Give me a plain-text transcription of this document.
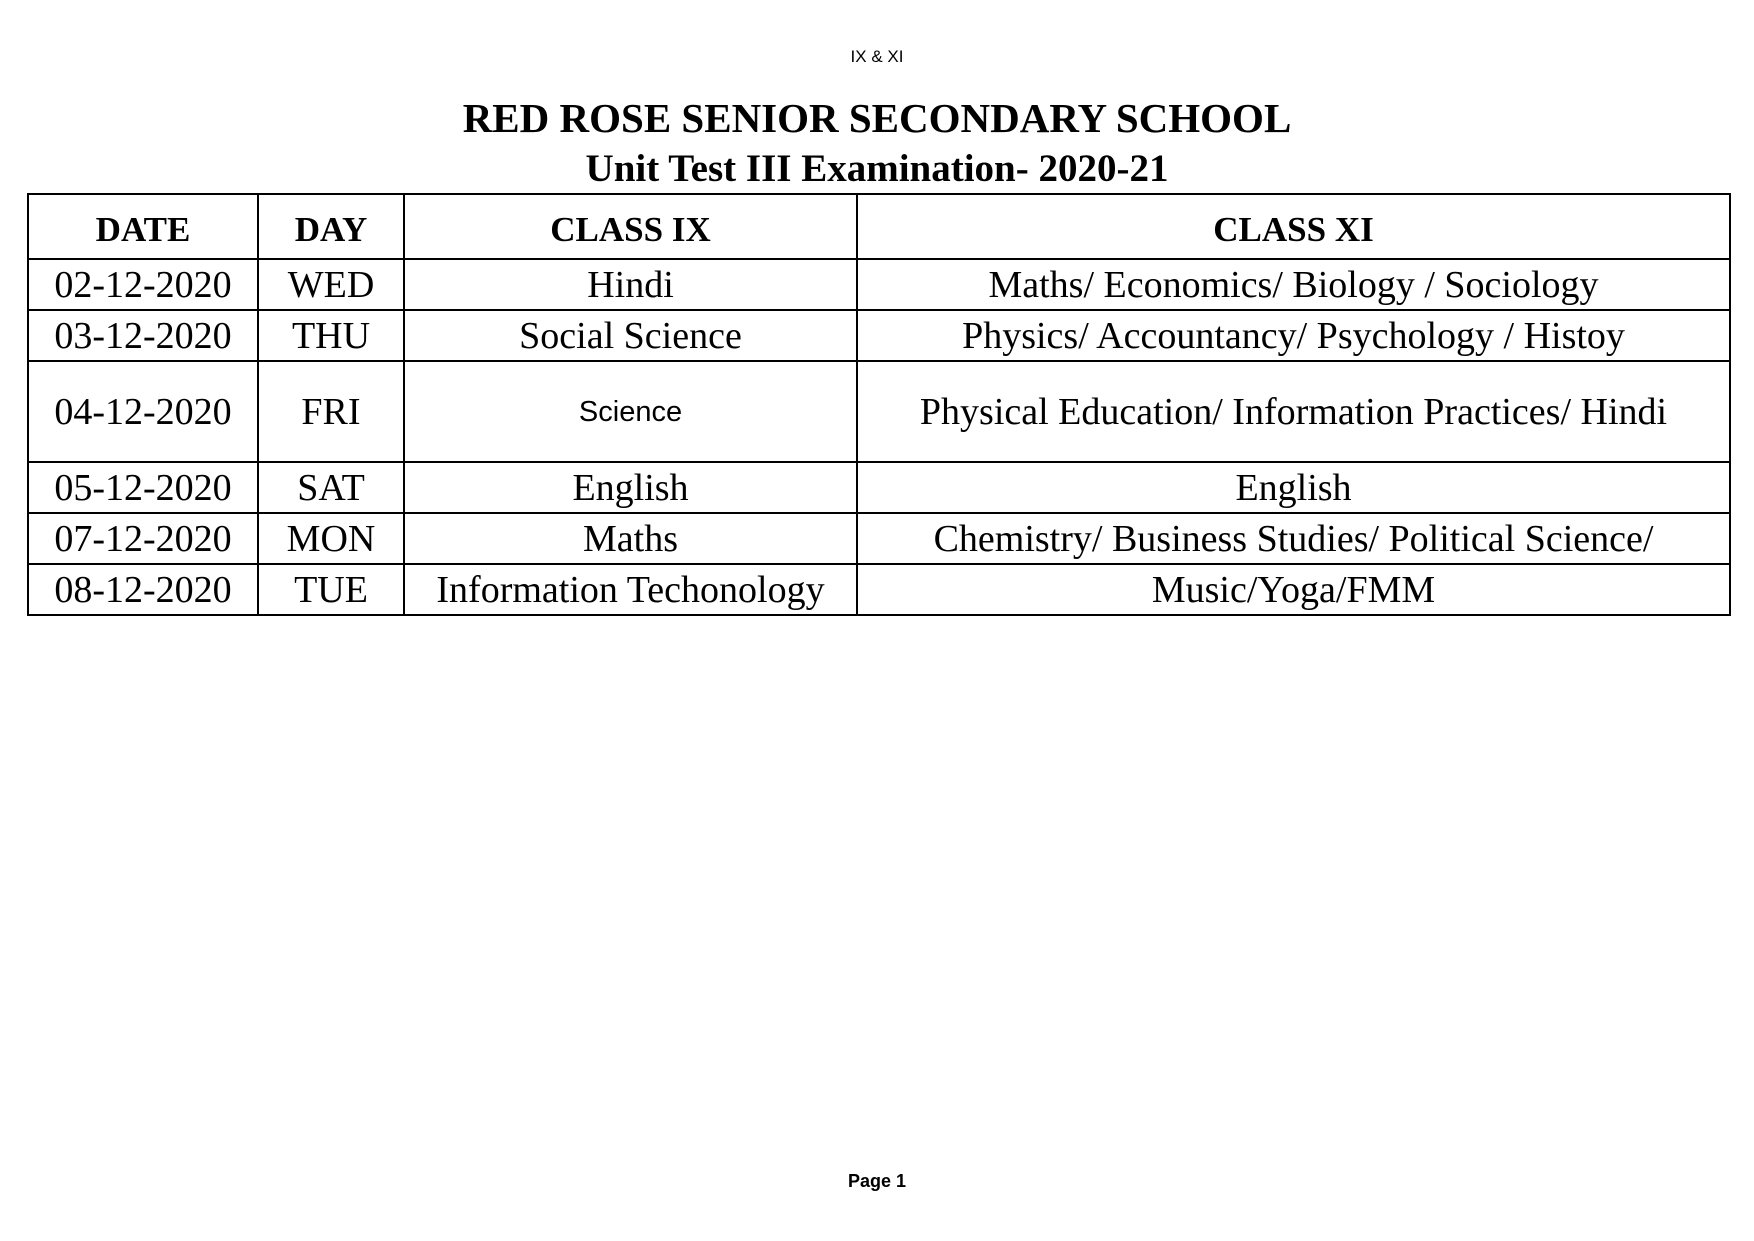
IX & XI
RED ROSE SENIOR SECONDARY SCHOOL
Unit Test III Examination- 2020-21
DATE	DAY	CLASS IX	CLASS XI
02-12-2020	WED	Hindi	Maths/ Economics/ Biology / Sociology
03-12-2020	THU	Social Science	Physics/ Accountancy/ Psychology / Histoy
04-12-2020	FRI	Science	Physical Education/ Information Practices/ Hindi
05-12-2020	SAT	English	English
07-12-2020	MON	Maths	Chemistry/ Business Studies/ Political Science/
08-12-2020	TUE	Information Techonology	Music/Yoga/FMM
Page 1
